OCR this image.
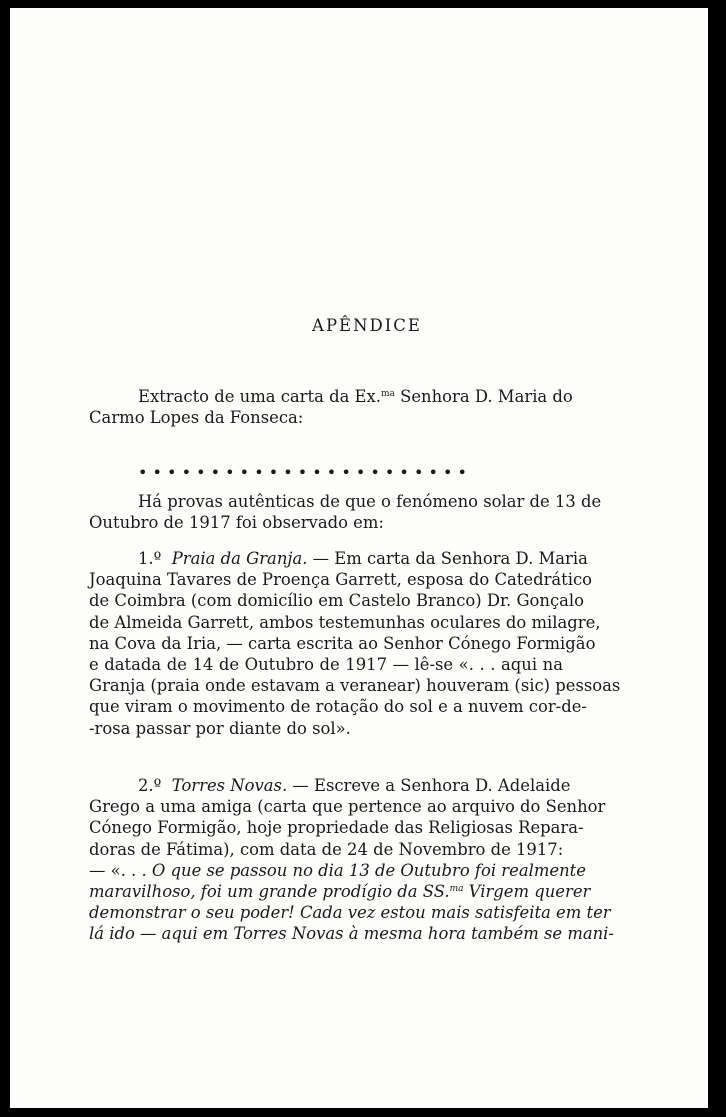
APÊNDICE
Extracto de uma carta da Ex.$^{ma}$ Senhora D. Maria do
Carmo Lopes da Fonseca:
• • • • • • • • • • • • • • • • • • • • • • •
Há provas autênticas de que o fenómeno solar de 13 de
Outubro de 1917 foi observado em:
1.º Praia da Granja. — Em carta da Senhora D. Maria
Joaquina Tavares de Proença Garrett, esposa do Catedrático
de Coimbra (com domicílio em Castelo Branco) Dr. Gonçalo
de Almeida Garrett, ambos testemunhas oculares do milagre,
na Cova da Iria, — carta escrita ao Senhor Cónego Formigão
e datada de 14 de Outubro de 1917 — lê-se «. . . aqui na
Granja (praia onde estavam a veranear) houveram (sic) pessoas
que viram o movimento de rotação do sol e a nuvem cor-de-
-rosa passar por diante do sol».
2.º Torres Novas. — Escreve a Senhora D. Adelaide
Grego a uma amiga (carta que pertence ao arquivo do Senhor
Cónego Formigão, hoje propriedade das Religiosas Repara-
doras de Fátima), com data de 24 de Novembro de 1917:
— «. . . O que se passou no dia 13 de Outubro foi realmente
maravilhoso, foi um grande prodígio da SS.$^{ma}$ Virgem querer
demonstrar o seu poder! Cada vez estou mais satisfeita em ter
lá ido — aqui em Torres Novas à mesma hora também se mani-
